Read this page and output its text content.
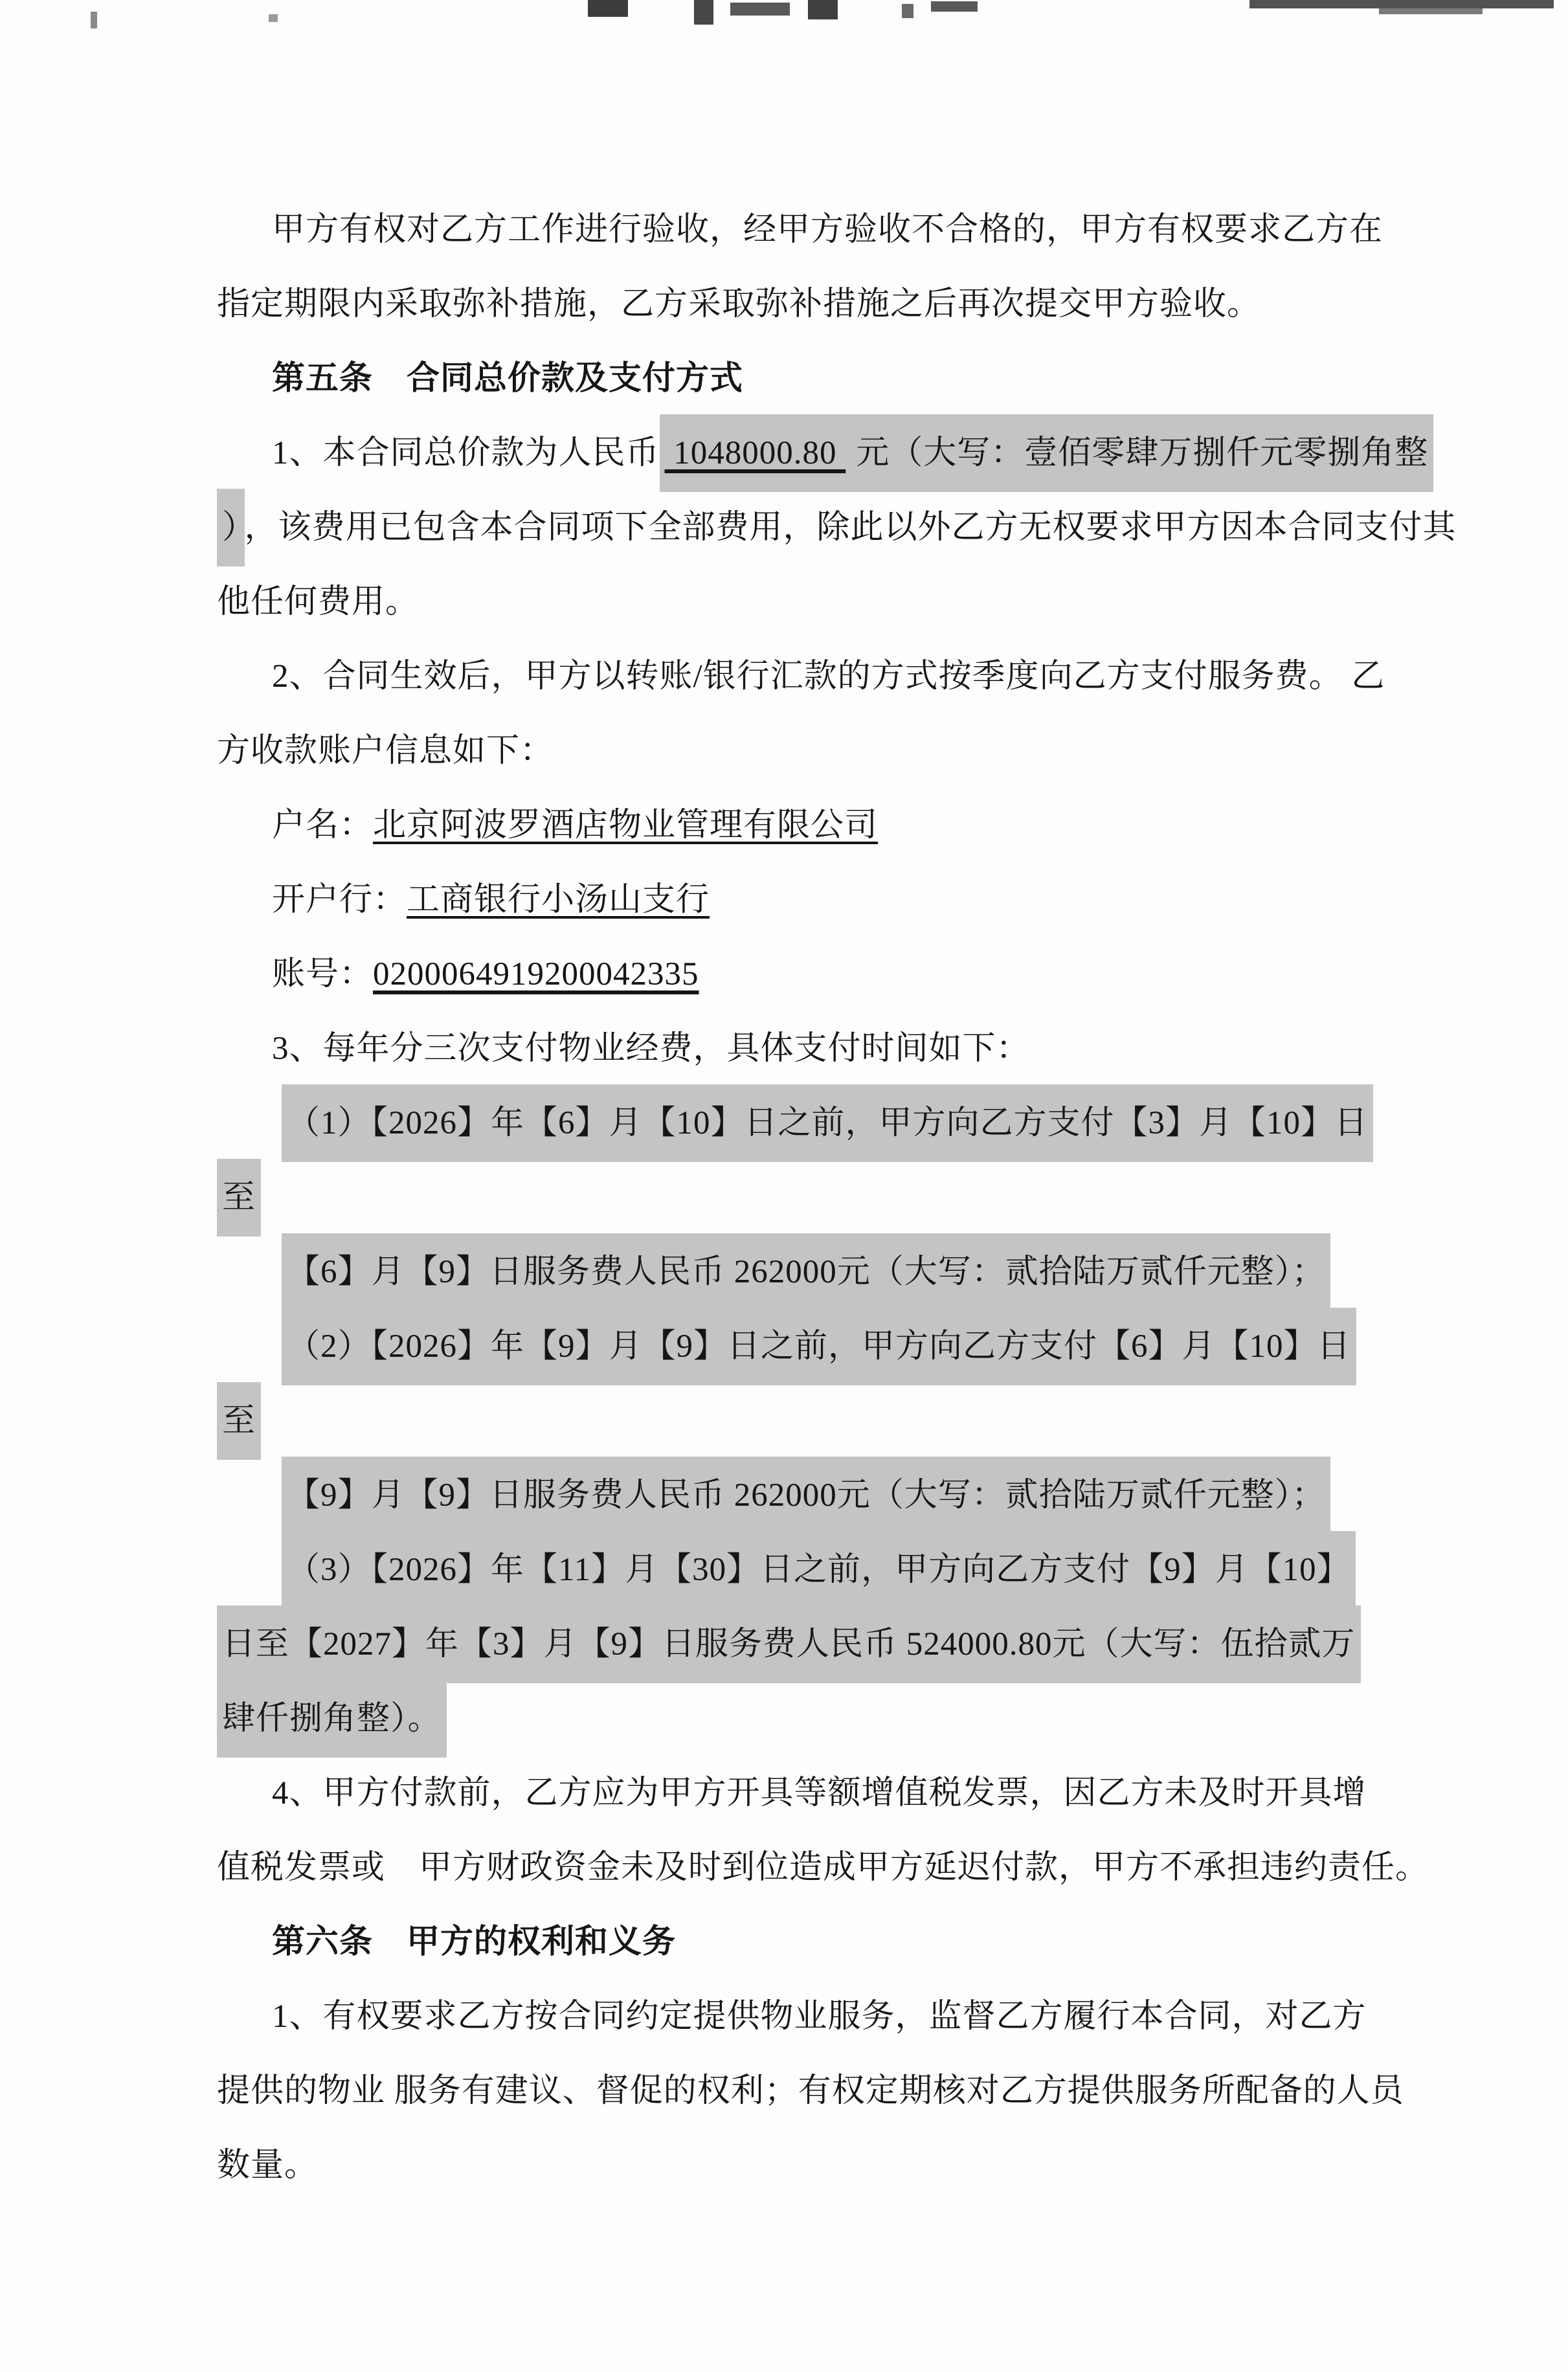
甲方有权对乙方工作进行验收，经甲方验收不合格的，甲方有权要求乙方在
指定期限内采取弥补措施，乙方采取弥补措施之后再次提交甲方验收。
第五条　合同总价款及支付方式
1、本合同总价款为人民币 1048000.80 元（大写：壹佰零肆万捌仟元零捌角整
） ，该费用已包含本合同项下全部费用，除此以外乙方无权要求甲方因本合同支付其
他任何费用。
2、合同生效后，甲方以转账/银行汇款的方式按季度向乙方支付服务费。 乙
方收款账户信息如下：
户名：北京阿波罗酒店物业管理有限公司
开户行：工商银行小汤山支行
账号：0200064919200042335
3、每年分三次支付物业经费，具体支付时间如下：
（1）【2026】年【6】月【10】日之前，甲方向乙方支付【3】月【10】日
至
【6】月【9】日服务费人民币 262000元（大写：贰拾陆万贰仟元整）；
（2）【2026】年【9】月【9】日之前，甲方向乙方支付【6】月【10】日
至
【9】月【9】日服务费人民币 262000元（大写：贰拾陆万贰仟元整）；
（3）【2026】年【11】月【30】日之前，甲方向乙方支付【9】月【10】
日至【2027】年【3】月【9】日服务费人民币 524000.80元（大写：伍拾贰万
肆仟捌角整）。
4、甲方付款前，乙方应为甲方开具等额增值税发票，因乙方未及时开具增
值税发票或　甲方财政资金未及时到位造成甲方延迟付款，甲方不承担违约责任。
第六条　甲方的权利和义务
1、有权要求乙方按合同约定提供物业服务，监督乙方履行本合同，对乙方
提供的物业 服务有建议、督促的权利；有权定期核对乙方提供服务所配备的人员
数量。
